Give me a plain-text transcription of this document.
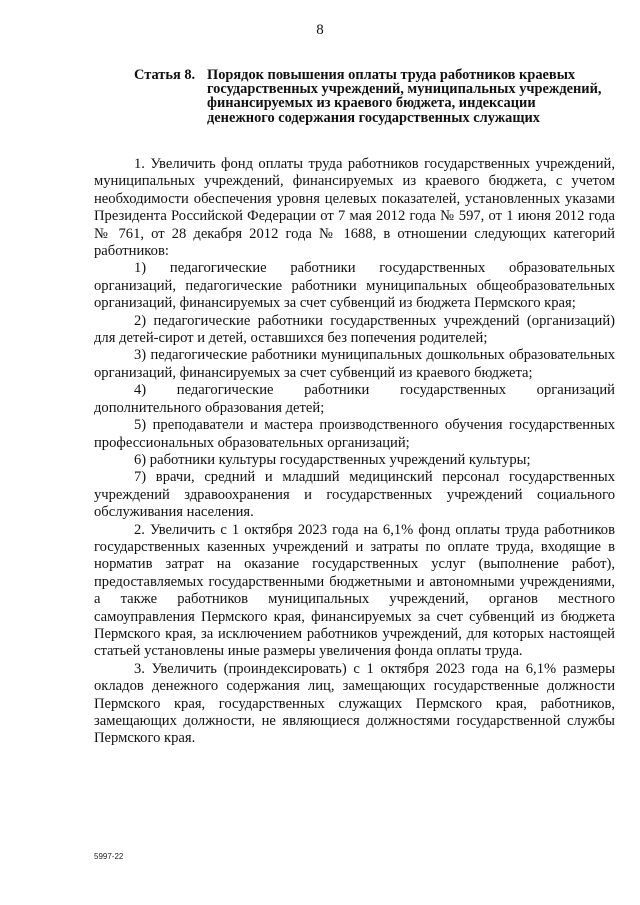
8
Статья 8. Порядок повышения оплаты труда работников краевых государственных учреждений, муниципальных учреждений, финансируемых из краевого бюджета, индексации денежного содержания государственных служащих

1. Увеличить фонд оплаты труда работников государственных учреждений, муниципальных учреждений, финансируемых из краевого бюджета, с учетом необходимости обеспечения уровня целевых показателей, установленных указами Президента Российской Федерации от 7 мая 2012 года № 597, от 1 июня 2012 года № 761, от 28 декабря 2012 года № 1688, в отношении следующих категорий работников:

1) педагогические работники государственных образовательных организаций, педагогические работники муниципальных общеобразовательных организаций, финансируемых за счет субвенций из бюджета Пермского края;

2) педагогические работники государственных учреждений (организаций) для детей-сирот и детей, оставшихся без попечения родителей;

3) педагогические работники муниципальных дошкольных образовательных организаций, финансируемых за счет субвенций из краевого бюджета;

4) педагогические работники государственных организаций дополнительного образования детей;

5) преподаватели и мастера производственного обучения государственных профессиональных образовательных организаций;

6) работники культуры государственных учреждений культуры;

7) врачи, средний и младший медицинский персонал государственных учреждений здравоохранения и государственных учреждений социального обслуживания населения.

2. Увеличить с 1 октября 2023 года на 6,1% фонд оплаты труда работников государственных казенных учреждений и затраты по оплате труда, входящие в норматив затрат на оказание государственных услуг (выполнение работ), предоставляемых государственными бюджетными и автономными учреждениями, а также работников муниципальных учреждений, органов местного самоуправления Пермского края, финансируемых за счет субвенций из бюджета Пермского края, за исключением работников учреждений, для которых настоящей статьей установлены иные размеры увеличения фонда оплаты труда.

3. Увеличить (проиндексировать) с 1 октября 2023 года на 6,1% размеры окладов денежного содержания лиц, замещающих государственные должности Пермского края, государственных служащих Пермского края, работников, замещающих должности, не являющиеся должностями государственной службы Пермского края.

5997-22
